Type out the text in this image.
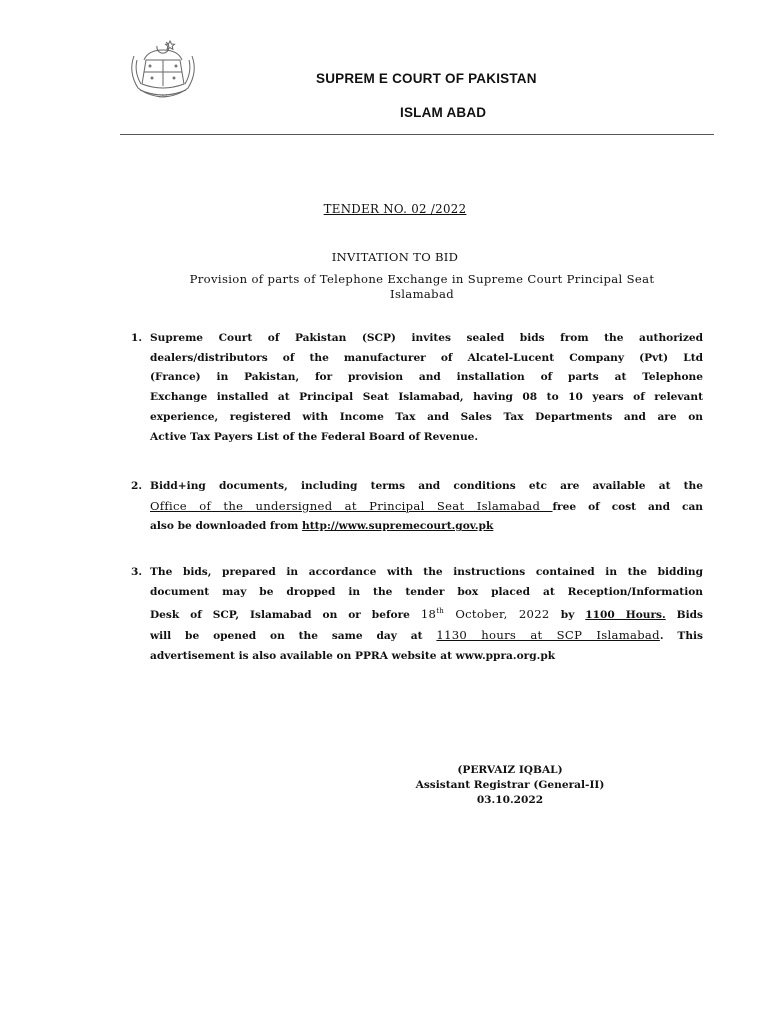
ایمان
SUPREM E COURT OF PAKISTAN
ISLAM ABAD
TENDER NO. 02 /2022
INVITATION TO BID
Provision of parts of Telephone Exchange in Supreme Court Principal Seat
Islamabad
1. Supreme Court of Pakistan (SCP) invites sealed bids from the authorized
dealers/distributors of the manufacturer of Alcatel-Lucent Company (Pvt) Ltd
(France) in Pakistan, for provision and installation of parts at Telephone
Exchange installed at Principal Seat Islamabad, having 08 to 10 years of relevant
experience, registered with Income Tax and Sales Tax Departments and are on
Active Tax Payers List of the Federal Board of Revenue.
2. Bidd+ing documents, including terms and conditions etc are available at the
Office of the undersigned at Principal Seat Islamabad free of cost and can
also be downloaded from http://www.supremecourt.gov.pk
3. The bids, prepared in accordance with the instructions contained in the bidding
document may be dropped in the tender box placed at Reception/Information
Desk of SCP, Islamabad on or before 18th October, 2022 by 1100 Hours. Bids
will be opened on the same day at 1130 hours at SCP Islamabad. This
advertisement is also available on PPRA website at www.ppra.org.pk
(PERVAIZ IQBAL)
Assistant Registrar (General-II)
03.10.2022
